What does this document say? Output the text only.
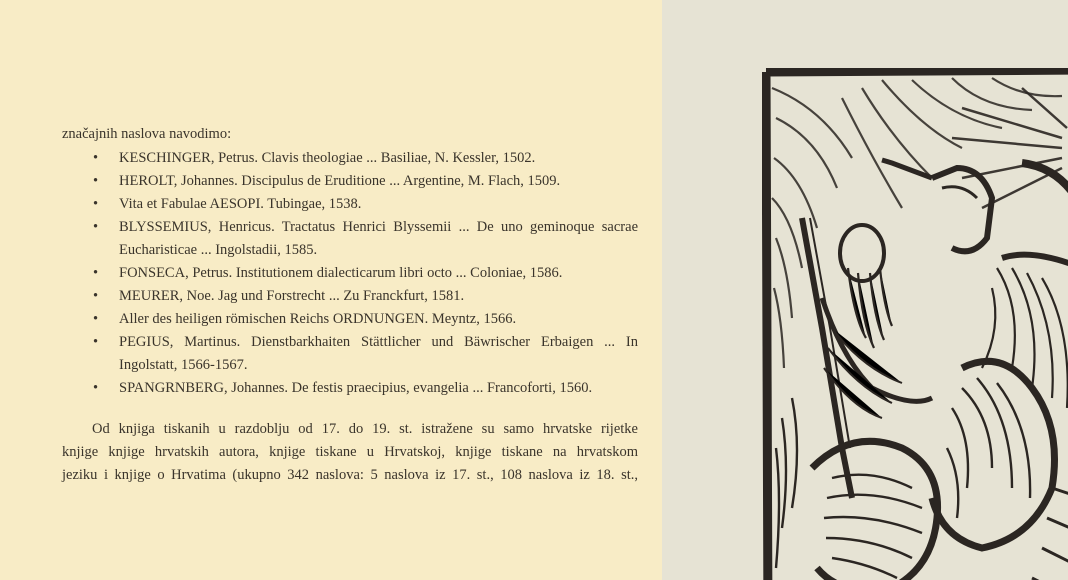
značajnih naslova navodimo:
• KESCHINGER, Petrus. Clavis theologiae ... Basiliae, N. Kessler, 1502.
• HEROLT, Johannes. Discipulus de Eruditione ... Argentine, M. Flach, 1509.
• Vita et Fabulae AESOPI. Tubingae, 1538.
• BLYSSEMIUS, Henricus. Tractatus Henrici Blyssemii ... De uno geminoque sacrae Eucharisticae ... Ingolstadii, 1585.
• FONSECA, Petrus. Institutionem dialecticarum libri octo ... Coloniae, 1586.
• MEURER, Noe. Jag und Forstrecht ... Zu Franckfurt, 1581.
• Aller des heiligen römischen Reichs ORDNUNGEN. Meyntz, 1566.
• PEGIUS, Martinus. Dienstbarkhaiten Stättlicher und Bäwrischer Erbaigen ... In Ingolstatt, 1566-1567.
• SPANGRNBERG, Johannes. De festis praecipius, evangelia ... Francoforti, 1560.
Od knjiga tiskanih u razdoblju od 17. do 19. st. istražene su samo hrvatske rijetke
knjige knjige hrvatskih autora, knjige tiskane u Hrvatskoj, knjige tiskane na hrvatskom
jeziku i knjige o Hrvatima (ukupno 342 naslova: 5 naslova iz 17. st., 108 naslova iz 18. st.,
